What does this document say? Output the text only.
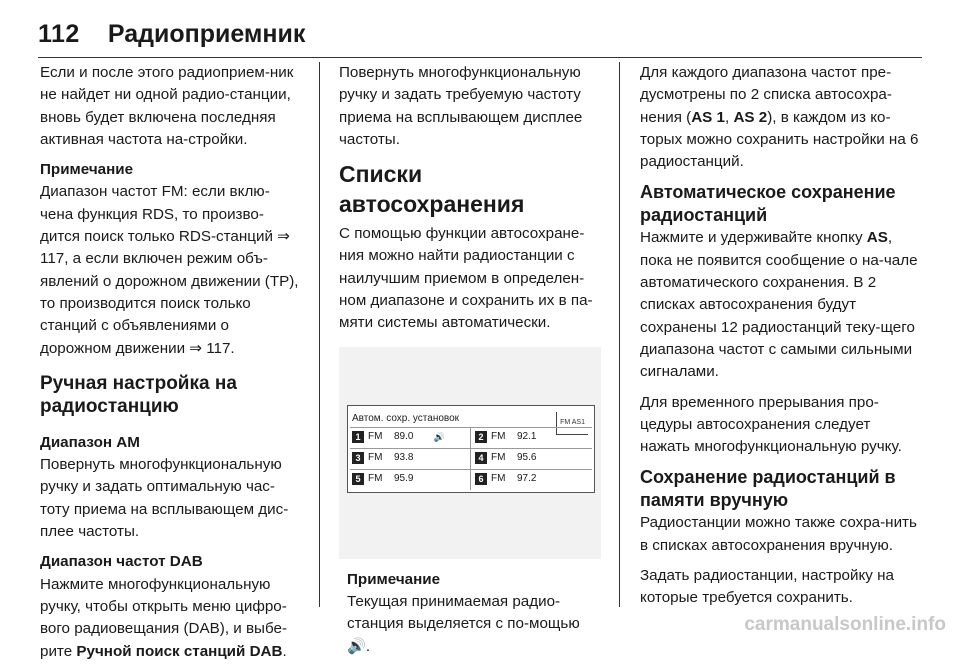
112 Радиоприемник

Если и после этого радиоприем-ник не найдет ни одной радио-станции, вновь будет включена последняя активная частота на-стройки.

Примечание

Диапазон частот FM: если вклю-чена функция RDS, то произво-дится поиск только RDS-станций ⇒ 117, а если включен режим объ-явлений о дорожном движении (TP), то производится поиск только станций с объявлениями о дорожном движении ⇒ 117.

Ручная настройка на радиостанцию
Диапазон AM

Повернуть многофункциональную ручку и задать оптимальную час-тоту приема на всплывающем дис-плее частоты.

Диапазон частот DAB

Нажмите многофункциональную ручку, чтобы открыть меню цифро-вого радиовещания (DAB), и выбе-рите Ручной поиск станций DAB.

Повернуть многофункциональную ручку и задать требуемую частоту приема на всплывающем дисплее частоты.

Списки автосохранения

С помощью функции автосохране-ния можно найти радиостанции с наилучшим приемом в определен-ном диапазоне и сохранить их в па-мяти системы автоматически.

Автом. сохр. установок	FM AS1
1 FM	89.0 🔊	2 FM	92.1
3 FM	93.8	4 FM	95.6
5 FM	95.9	6 FM	97.2
Примечание

Текущая принимаемая радио-станция выделяется с по-мощью 🔊.

Для каждого диапазона частот пре-дусмотрены по 2 списка автосохра-нения (AS 1, AS 2), в каждом из ко-торых можно сохранить настройки на 6 радиостанций.

Автоматическое сохранение радиостанций

Нажмите и удерживайте кнопку AS, пока не появится сообщение о на-чале автоматического сохранения. В 2 списках автосохранения будут сохранены 12 радиостанций теку-щего диапазона частот с самыми сильными сигналами.

Для временного прерывания про-цедуры автосохранения следует нажать многофункциональную ручку.

Сохранение радиостанций в памяти вручную

Радиостанции можно также сохра-нить в списках автосохранения вручную.

Задать радиостанции, настройку на которые требуется сохранить.

carmanualsonline.info
